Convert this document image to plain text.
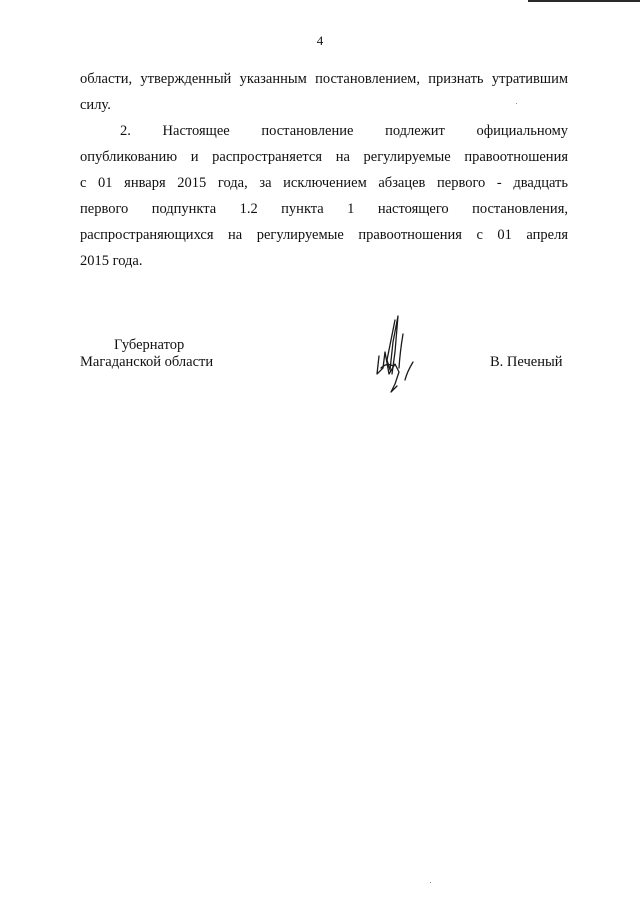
4
области, утвержденный указанным постановлением, признать утратившим
силу.
2. Настоящее постановление подлежит официальному
опубликованию и распространяется на регулируемые правоотношения
с 01 января 2015 года, за исключением абзацев первого - двадцать
первого подпункта 1.2 пункта 1 настоящего постановления,
распространяющихся на регулируемые правоотношения с 01 апреля
2015 года.
Губернатор
Магаданской области	В. Печеный
